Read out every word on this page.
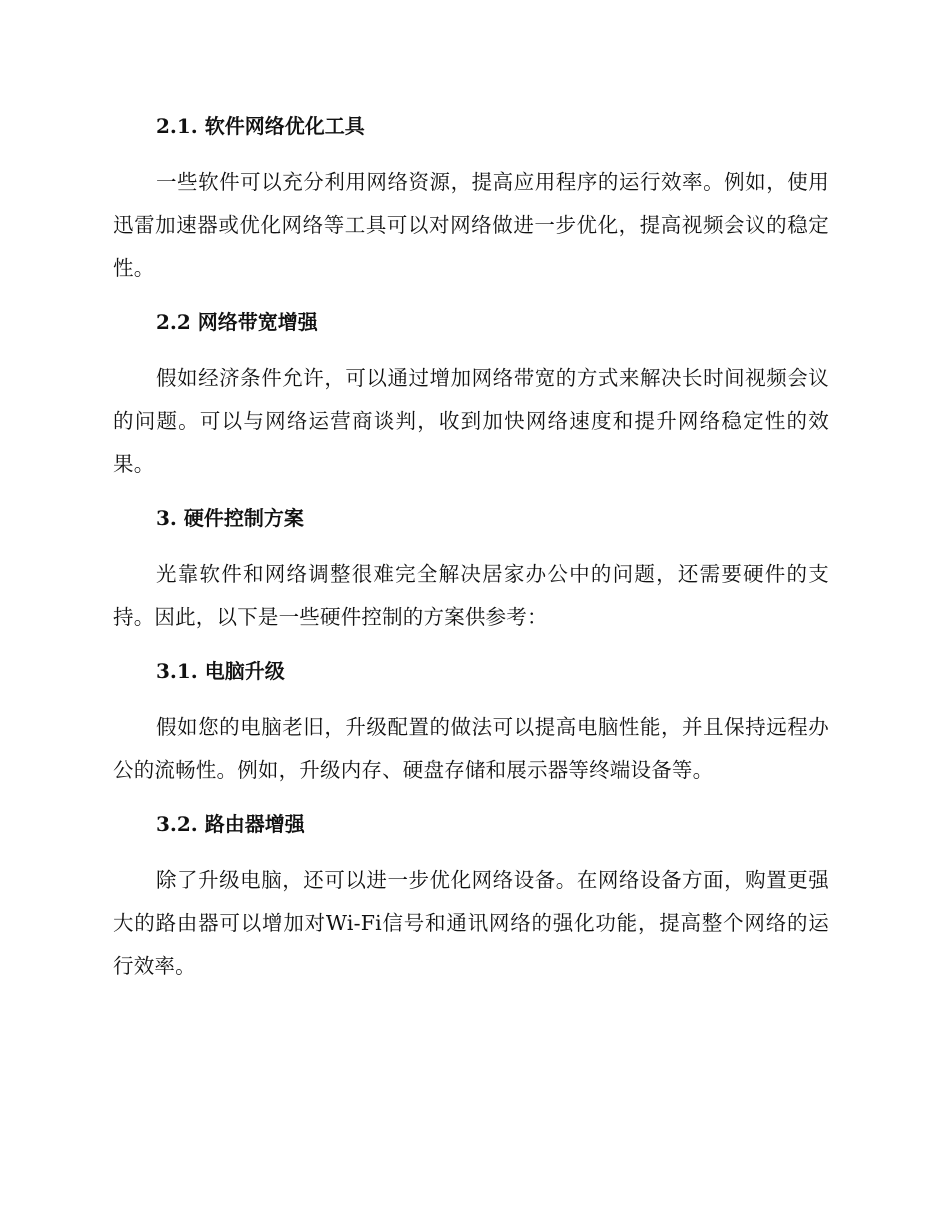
2.1. 软件网络优化工具

一些软件可以充分利用网络资源，提高应用程序的运行效率。例如，使用迅雷加速器或优化网络等工具可以对网络做进一步优化，提高视频会议的稳定性。

2.2 网络带宽增强

假如经济条件允许，可以通过增加网络带宽的方式来解决长时间视频会议的问题。可以与网络运营商谈判，收到加快网络速度和提升网络稳定性的效果。

3. 硬件控制方案

光靠软件和网络调整很难完全解决居家办公中的问题，还需要硬件的支持。因此，以下是一些硬件控制的方案供参考：

3.1. 电脑升级

假如您的电脑老旧，升级配置的做法可以提高电脑性能，并且保持远程办公的流畅性。例如，升级内存、硬盘存储和展示器等终端设备等。

3.2. 路由器增强

除了升级电脑，还可以进一步优化网络设备。在网络设备方面，购置更强大的路由器可以增加对Wi-Fi信号和通讯网络的强化功能，提高整个网络的运行效率。
